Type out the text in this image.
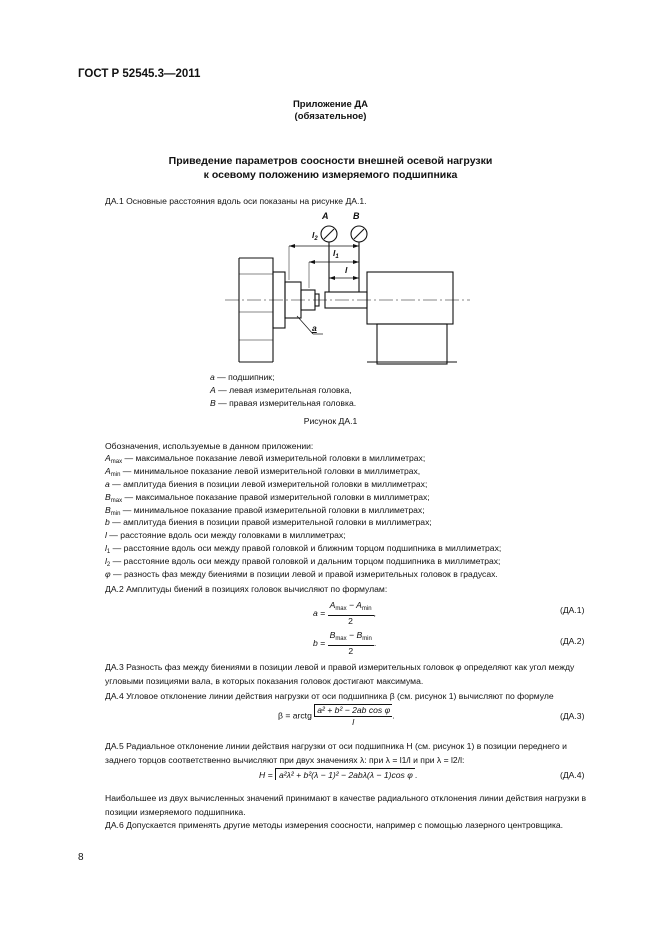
ГОСТ Р 52545.3—2011
Приложение ДА
(обязательное)
Приведение параметров соосности внешней осевой нагрузки
к осевому положению измеряемого подшипника
ДА.1 Основные расстояния вдоль оси показаны на рисунке ДА.1.
A	B
$l_2$
$l_1$
l
a
a — подшипник;
A — левая измерительная головка,
B — правая измерительная головка.
Рисунок ДА.1
Обозначения, используемые в данном приложении:
$A_{max}$ — максимальное показание левой измерительной головки в миллиметрах;
$A_{min}$ — минимальное показание левой измерительной головки в миллиметрах,
a — амплитуда биения в позиции левой измерительной головки в миллиметрах;
$B_{max}$ — максимальное показание правой измерительной головки в миллиметрах;
$B_{min}$ — минимальное показание правой измерительной головки в миллиметрах;
b — амплитуда биения в позиции правой измерительной головки в миллиметрах;
l — расстояние вдоль оси между головками в миллиметрах;
$l_1$ — расстояние вдоль оси между правой головкой и ближним торцом подшипника в миллиметрах;
$l_2$ — расстояние вдоль оси между правой головкой и дальним торцом подшипника в миллиметрах;
φ — разность фаз между биениями в позиции левой и правой измерительных головок в градусах.
ДА.2 Амплитуды биений в позициях головок вычисляют по формулам:
$a = \frac{A_{max} - A_{min}}{2}$ ,	(ДА.1)
$b = \frac{B_{max} - B_{min}}{2}$ .	(ДА.2)
ДА.3 Разность фаз между биениями в позиции левой и правой измерительных головок φ определяют как угол между угловыми позициями вала, в которых показания головок достигают максимума.
ДА.4 Угловое отклонение линии действия нагрузки от оси подшипника β (см. рисунок 1) вычисляют по формуле
β = arctg $\frac{\text{a² + b² − 2ab cos φ}}{l}$ .	(ДА.3)
ДА.5 Радиальное отклонение линии действия нагрузки от оси подшипника H (см. рисунок 1) в позиции переднего и заднего торцов соответственно вычисляют при двух значениях λ: при λ = l1/l и при λ = l2/l:
H = a²λ² + b²(λ − 1)² − 2abλ(λ − 1)cos φ .	(ДА.4)
Наибольшее из двух вычисленных значений принимают в качестве радиального отклонения линии действия нагрузки в позиции измеряемого подшипника.
ДА.6 Допускается применять другие методы измерения соосности, например с помощью лазерного центровщика.
8
